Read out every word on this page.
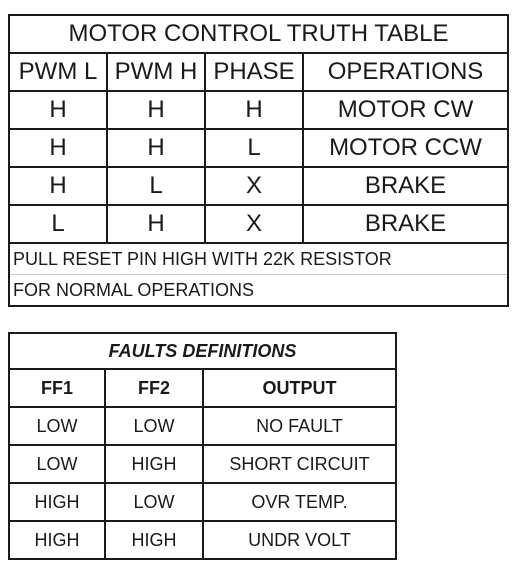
MOTOR CONTROL TRUTH TABLE			
PWM L	PWM H	PHASE	OPERATIONS
H	H	H	MOTOR CW
H	H	L	MOTOR CCW
H	L	X	BRAKE
L	H	X	BRAKE
PULL RESET PIN HIGH WITH 22K RESISTOR			
FOR NORMAL OPERATIONS			
FAULTS DEFINITIONS		
FF1	FF2	OUTPUT
LOW	LOW	NO FAULT
LOW	HIGH	SHORT CIRCUIT
HIGH	LOW	OVR TEMP.
HIGH	HIGH	UNDR VOLT
